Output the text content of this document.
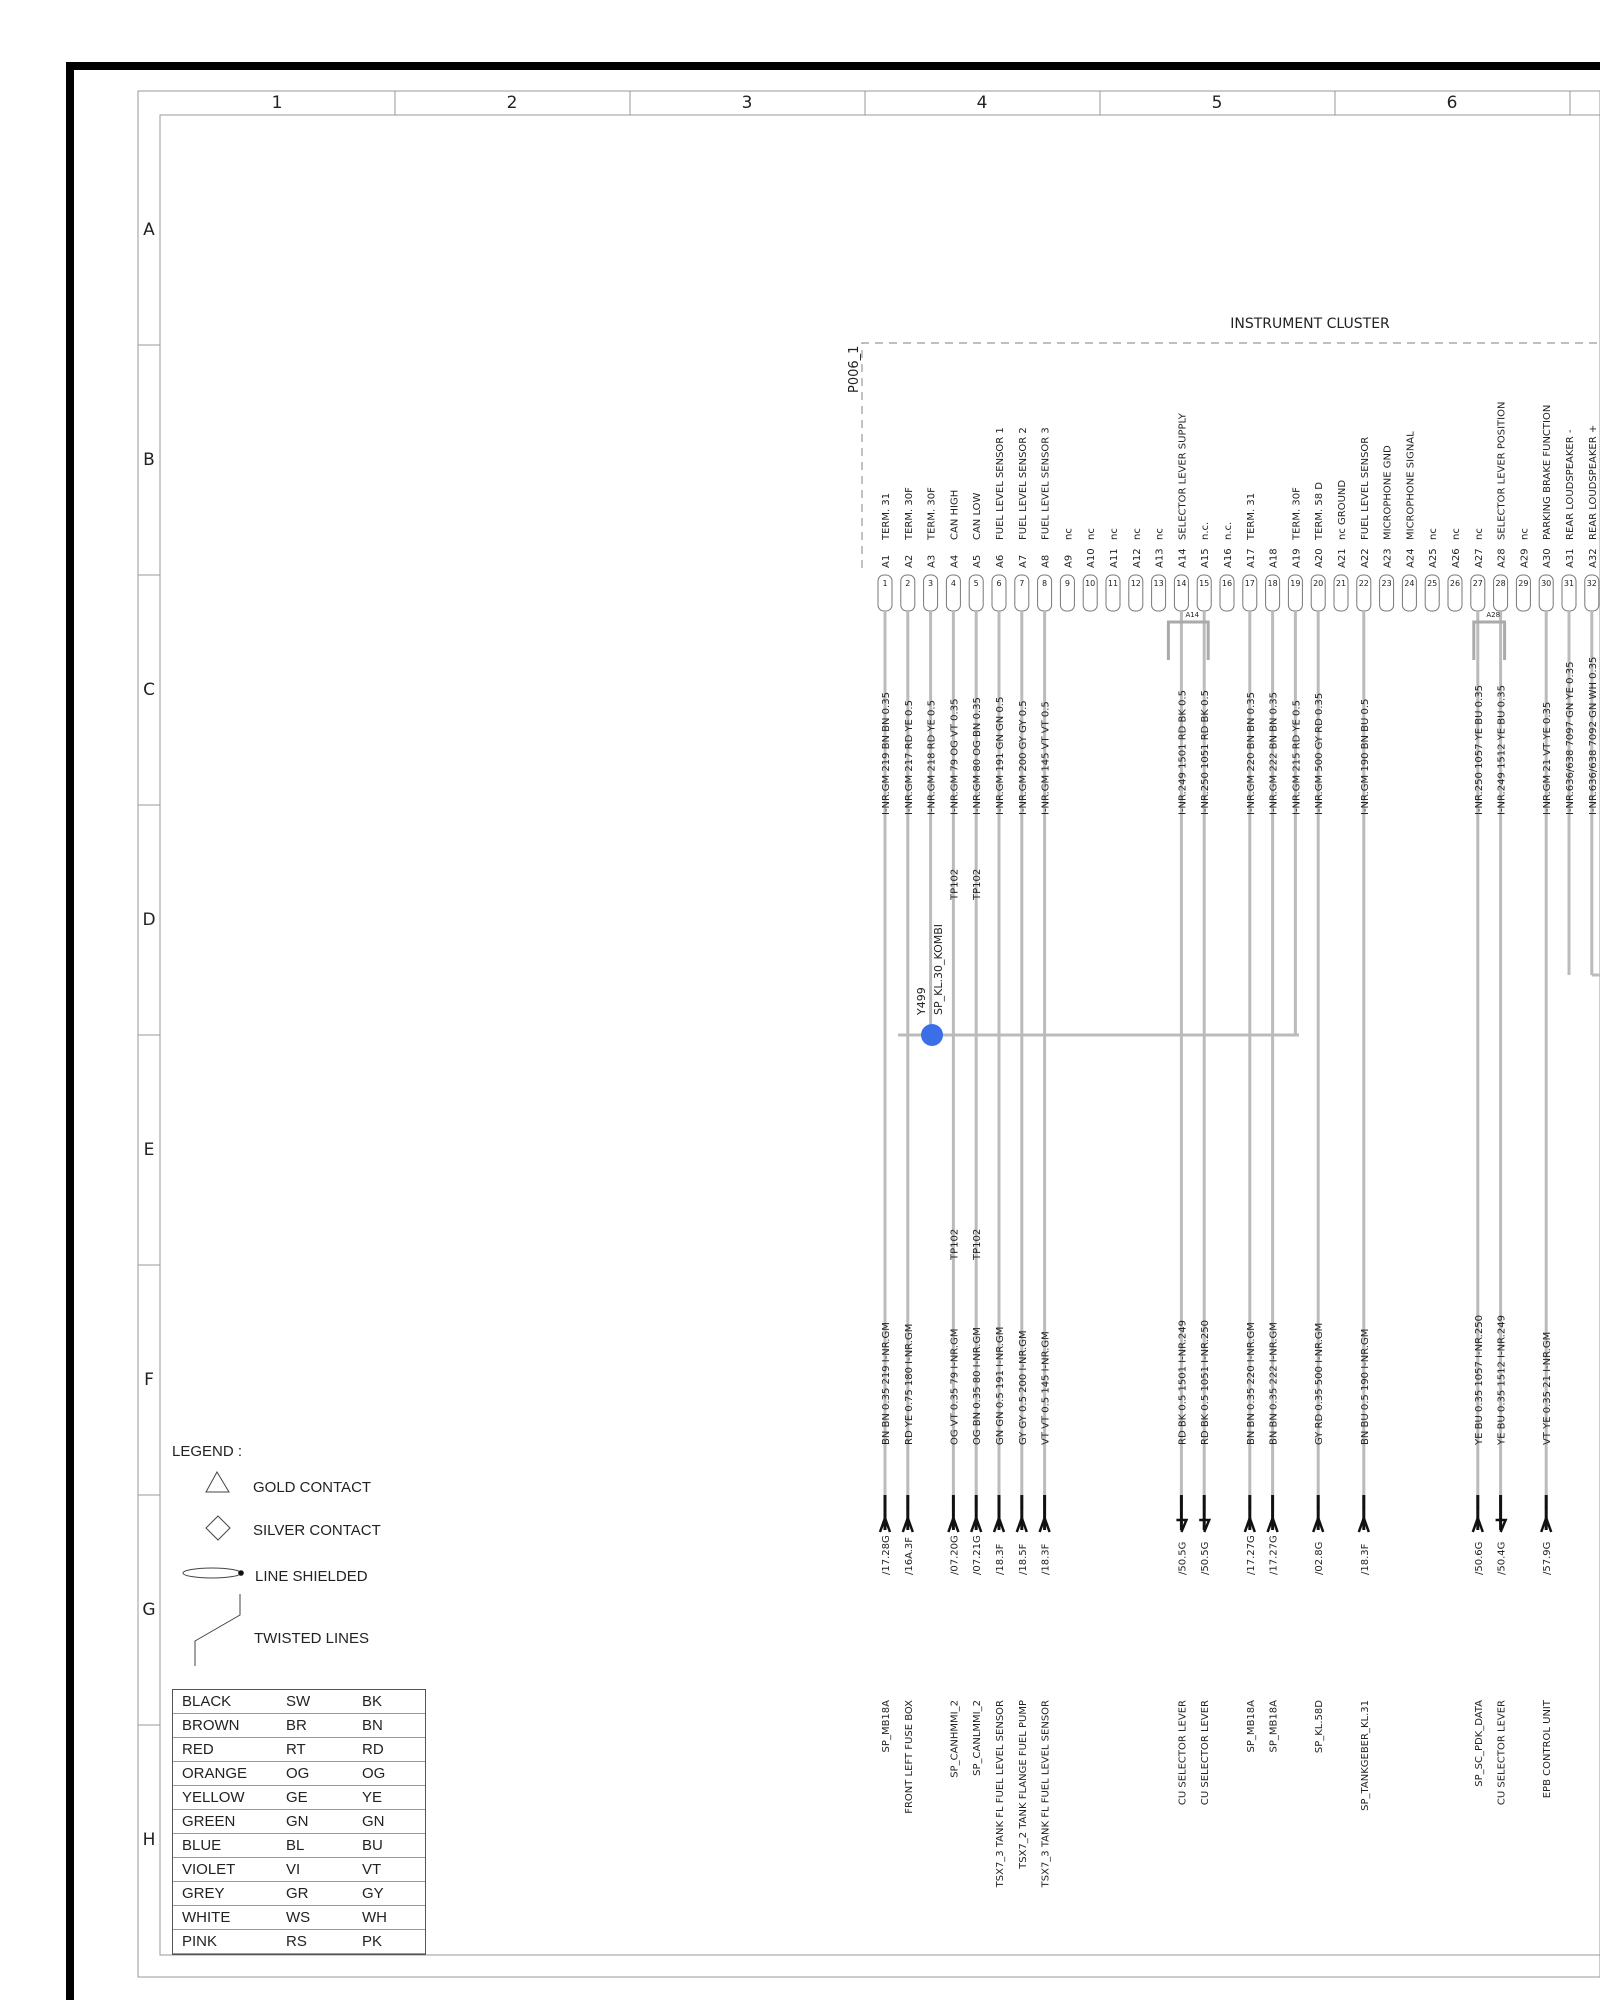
1	2	3	4	5	6
A
B
C
D
E
F
G
H
INSTRUMENT CLUSTER
P006_1
1
A1
TERM. 31
2
A2
TERM. 30F
3
A3
TERM. 30F
4
A4
CAN HIGH
5
A5
CAN LOW
6
A6
FUEL LEVEL SENSOR 1
7
A7
FUEL LEVEL SENSOR 2
8
A8
FUEL LEVEL SENSOR 3
9
A9
nc
10
A10
nc
11
A11
nc
12
A12
nc
13
A13
nc
14
A14
SELECTOR LEVER SUPPLY
15
A15
n.c.
16
A16
n.c.
17
A17
TERM. 31
18
A18
19
A19
TERM. 30F
20
A20
TERM. 58 D
21
A21
nc GROUND
22
A22
FUEL LEVEL SENSOR
23
A23
MICROPHONE GND
24
A24
MICROPHONE SIGNAL
25
A25
nc
26
A26
nc
27
A27
nc
28
A28
SELECTOR LEVER POSITION
29
A29
nc
30
A30
PARKING BRAKE FUNCTION
31
A31
REAR LOUDSPEAKER -
32
A32
REAR LOUDSPEAKER +
I-NR.GM 219 BN BN 0.35
BN BN 0.35 219 I-NR.GM
/17.28G
SP_MB18A
I-NR.GM 217 RD YE 0.5
RD YE 0.75 180 I-NR.GM
/16A.3F
FRONT LEFT FUSE BOX
I-NR.GM 218 RD YE 0.5 I-NR.GM 79 OG VT 0.35
TP102
TP102
OG VT 0.35 79 I-NR.GM
/07.20G
SP_CANHMMI_2
I-NR.GM 80 OG BN 0.35
TP102
TP102
OG BN 0.35 80 I-NR.GM
/07.21G
SP_CANLMMI_2
I-NR.GM 191 GN GN 0.5
GN GN 0.5 191 I-NR.GM
/18.3F
TSX7_3 TANK FL FUEL LEVEL SENSOR
I-NR.GM 200 GY GY 0.5
GY GY 0.5 200 I-NR.GM
/18.5F
TSX7_2 TANK FLANGE FUEL PUMP
I-NR.GM 145 VT VT 0.5
VT VT 0.5 145 I-NR.GM
/18.3F
TSX7_3 TANK FL FUEL LEVEL SENSOR
I-NR.249 1501 RD BK 0.5
RD BK 0.5 1501 I-NR.249
/50.5G
CU SELECTOR LEVER
I-NR.250 1051 RD BK 0.5
RD BK 0.5 1051 I-NR.250
/50.5G
CU SELECTOR LEVER
I-NR.GM 220 BN BN 0.35
BN BN 0.35 220 I-NR.GM
/17.27G
SP_MB18A
I-NR.GM 222 BN BN 0.35
BN BN 0.35 222 I-NR.GM
/17.27G
SP_MB18A
I-NR.GM 215 RD YE 0.5 I-NR.GM 500 GY RD 0.35
GY RD 0.35 500 I-NR.GM
/02.8G
SP_KL.58D
I-NR.GM 190 BN BU 0.5
BN BU 0.5 190 I-NR.GM
/18.3F
SP_TANKGEBER_KL.31
I-NR.250 1057 YE BU 0.35
YE BU 0.35 1057 I-NR.250
/50.6G
SP_SC_PDK_DATA
I-NR.249 1512 YE BU 0.35
YE BU 0.35 1512 I-NR.249
/50.4G
CU SELECTOR LEVER
I-NR.GM 21 VT YE 0.35
VT YE 0.35 21 I-NR.GM
/57.9G
EPB CONTROL UNIT
I-NR.636/638 7097 GN YE 0.35 I-NR.636/638 7092 GN WH 0.35
A14	A28
Y499 SP_KL.30_KOMBI
LEGEND :
GOLD CONTACT
SILVER CONTACT
LINE SHIELDED
TWISTED LINES
BLACK	SW	BK
BROWN	BR	BN
RED	RT	RD
ORANGE	OG	OG
YELLOW	GE	YE
GREEN	GN	GN
BLUE	BL	BU
VIOLET	VI	VT
GREY	GR	GY
WHITE	WS	WH
PINK	RS	PK
